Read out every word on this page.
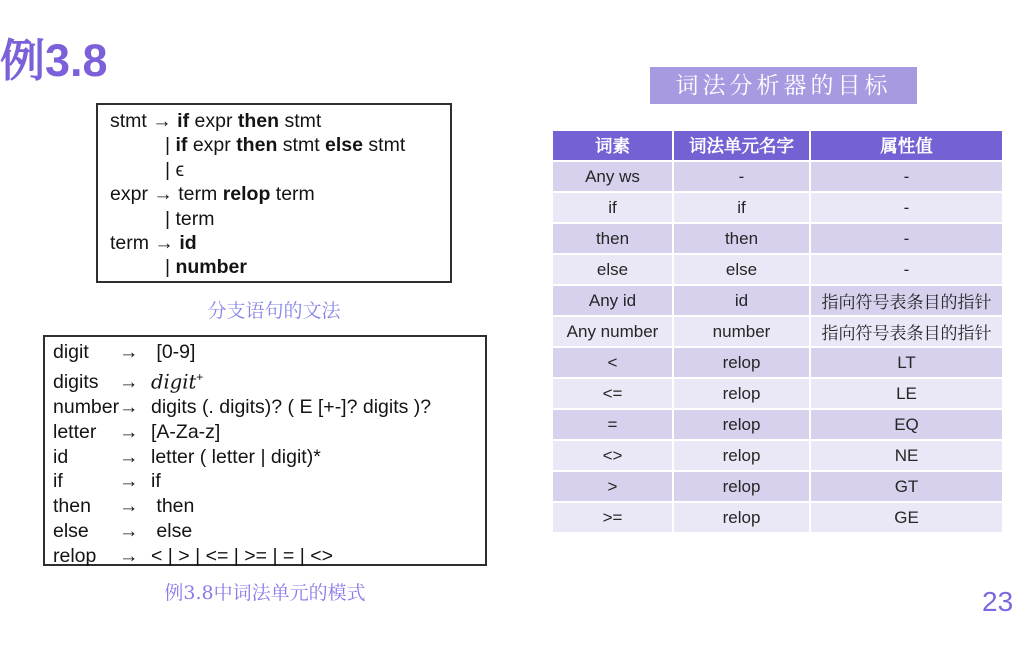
例3.8
stmt → if expr then stmt
| if expr then stmt else stmt
| ϵ
expr → term relop term
| term
term → id
| number
分支语句的文法
digit → [0-9]
digits → digit+
number→ digits (. digits)? ( E [+-]? digits )?
letter → [A-Za-z]
id	→ letter ( letter | digit)*
if	→ if
then → then
else → else
relop → < | > | <= | >= | = | <>
例3.8中词法单元的模式
词法分析器的目标
词素	词法单元名字	属性值
Any ws	-	-
if	if	-
then	then	-
else	else	-
Any id	id	指向符号表条目的指针
Any number	number	指向符号表条目的指针
<	relop	LT
<=	relop	LE
=	relop	EQ
<>	relop	NE
>	relop	GT
>=	relop	GE
23
